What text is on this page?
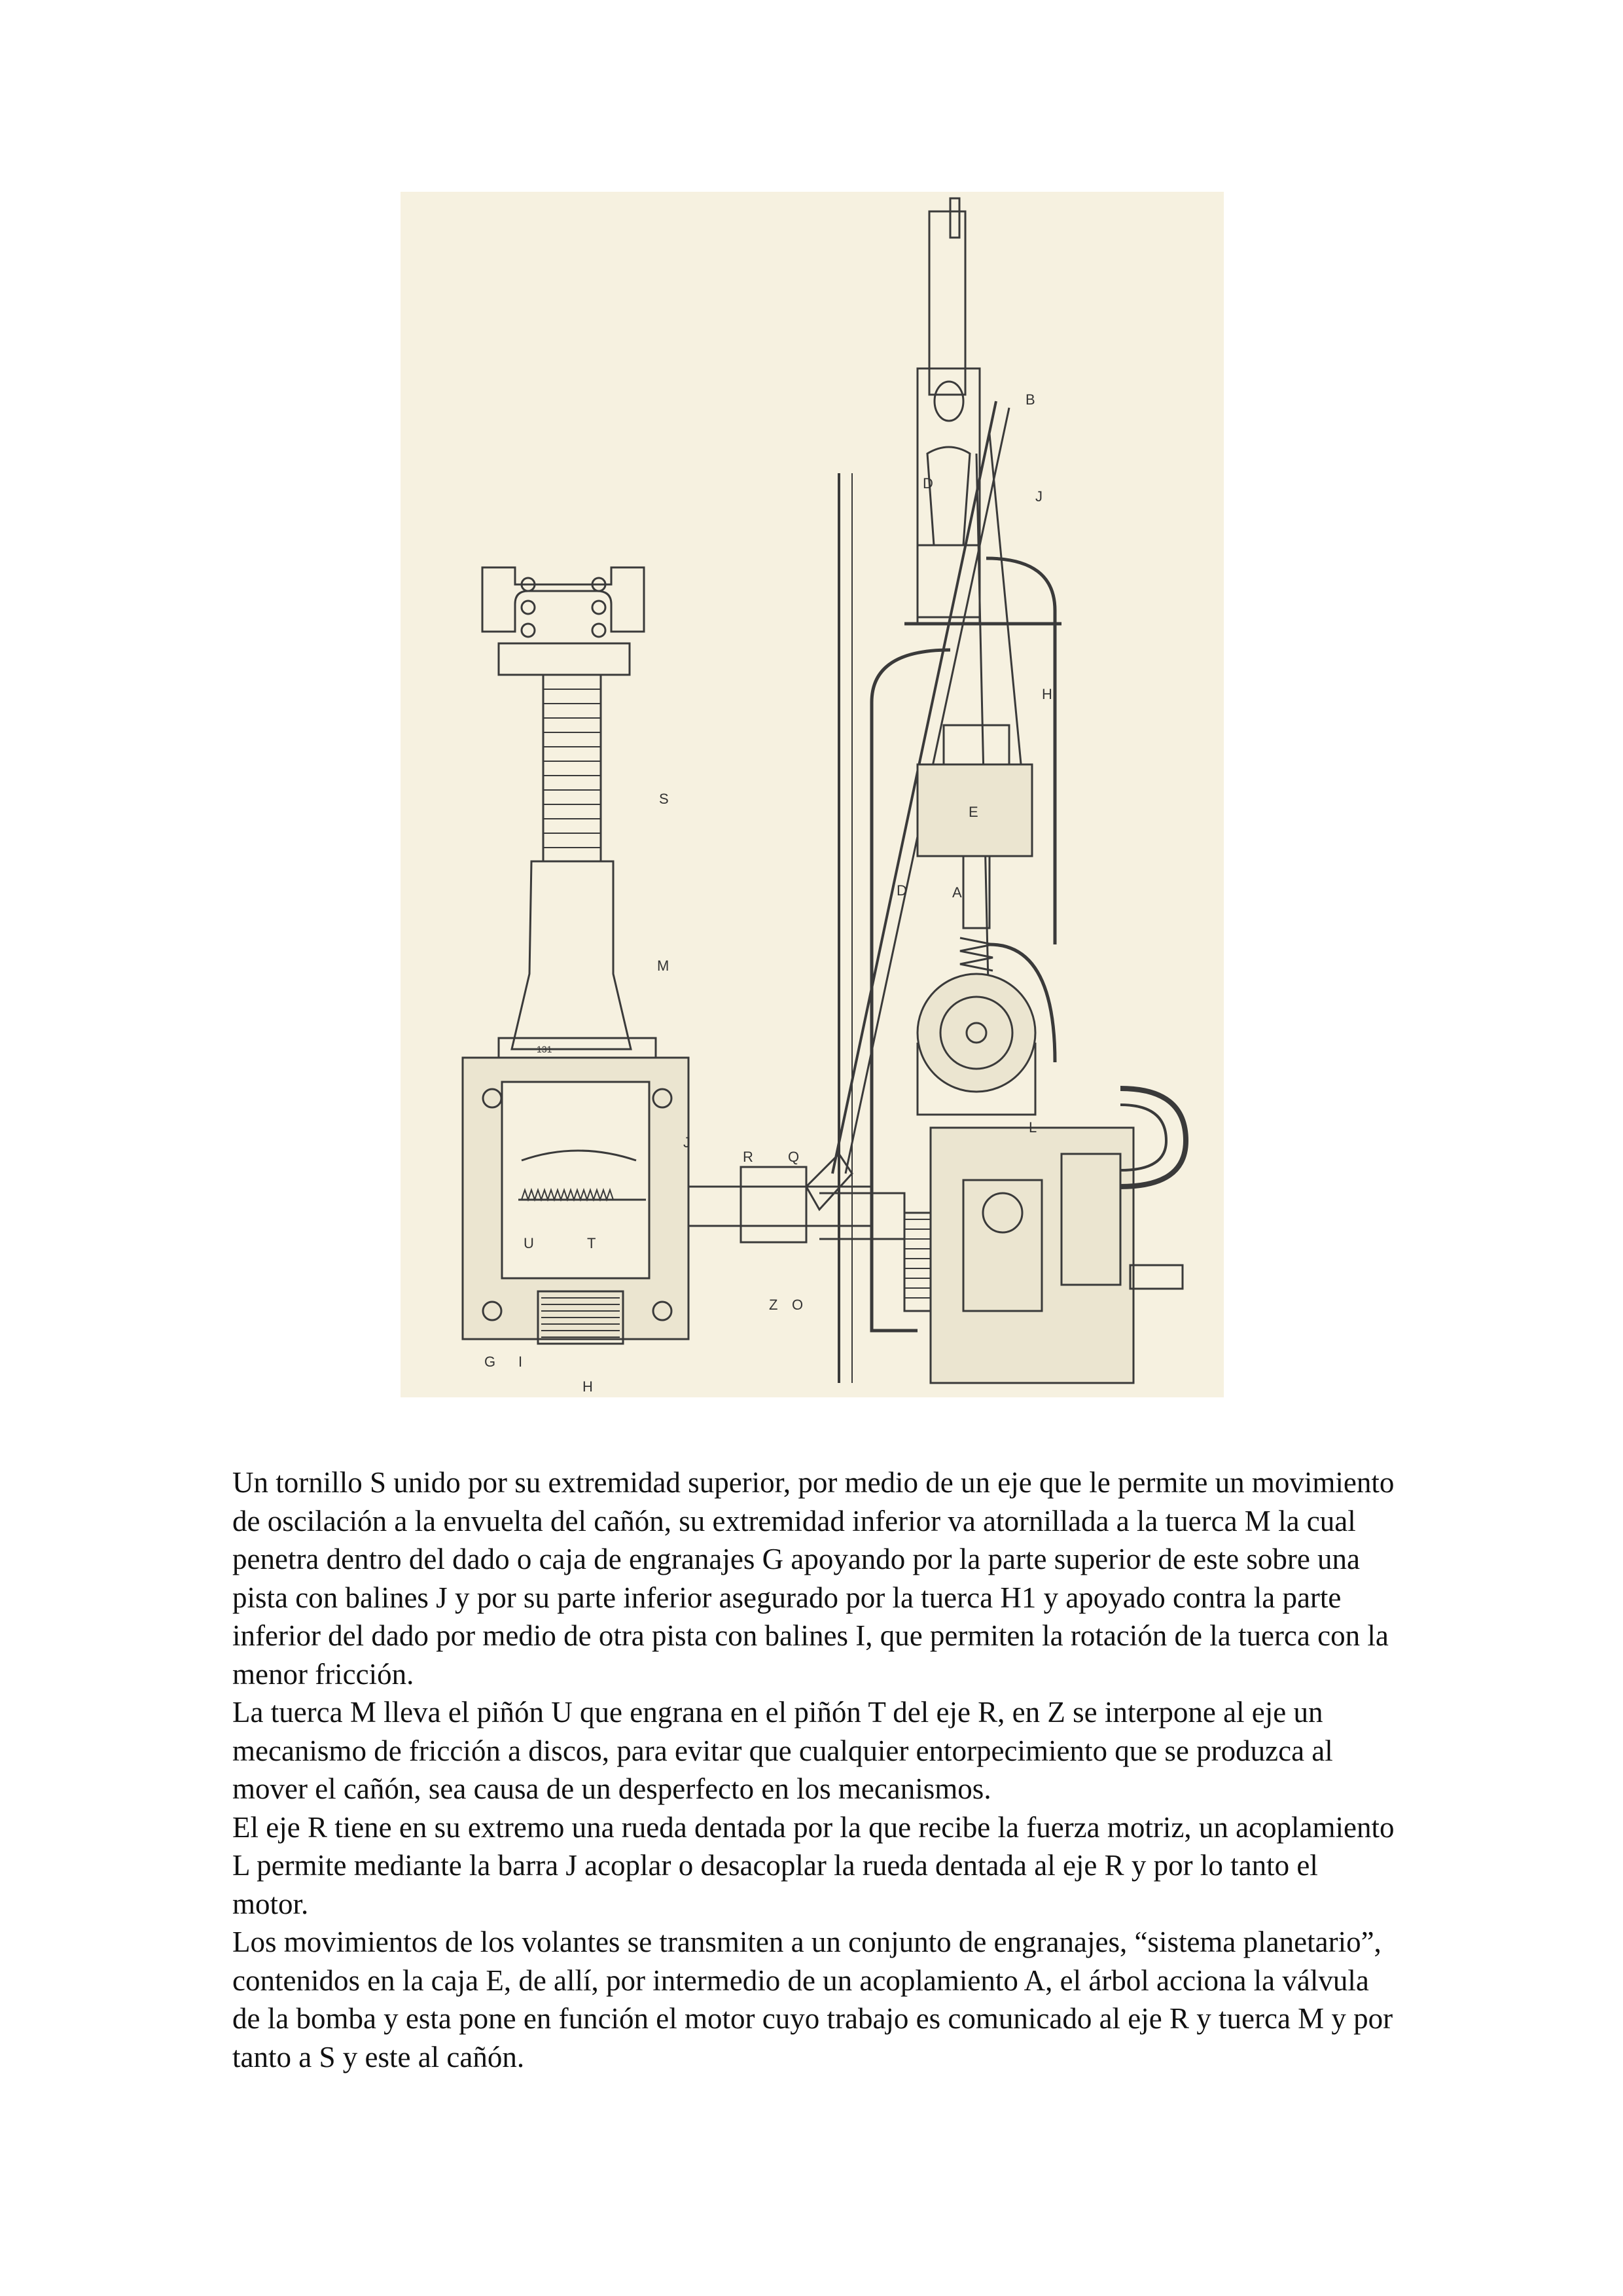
S
M
J
R Q
U	T
Z O
G I
H
B
D
J
H
E
D	A
L
131

Un tornillo S unido por su extremidad superior, por medio de un eje que le permite un movimiento de oscilación a la envuelta del cañón, su extremidad inferior va atornillada a la tuerca M la cual penetra dentro del dado o caja de engranajes G apoyando por la parte superior de este sobre una pista con balines J y por su parte inferior asegurado por la tuerca H1 y apoyado contra la parte inferior del dado por medio de otra pista con balines I, que permiten la rotación de la tuerca con la menor fricción.

La tuerca M lleva el piñón U que engrana en el piñón T del eje R, en Z se interpone al eje un mecanismo de fricción a discos, para evitar que cualquier entorpecimiento que se produzca al mover el cañón, sea causa de un desperfecto en los mecanismos.

El eje R tiene en su extremo una rueda dentada por la que recibe la fuerza motriz, un acoplamiento L permite mediante la barra J acoplar o desacoplar la rueda dentada al eje R y por lo tanto el motor.

Los movimientos de los volantes se transmiten a un conjunto de engranajes, “sistema planetario”, contenidos en la caja E, de allí, por intermedio de un acoplamiento A, el árbol acciona la válvula de la bomba y esta pone en función el motor cuyo trabajo es comunicado al eje R y tuerca M y por tanto a S y este al cañón.
